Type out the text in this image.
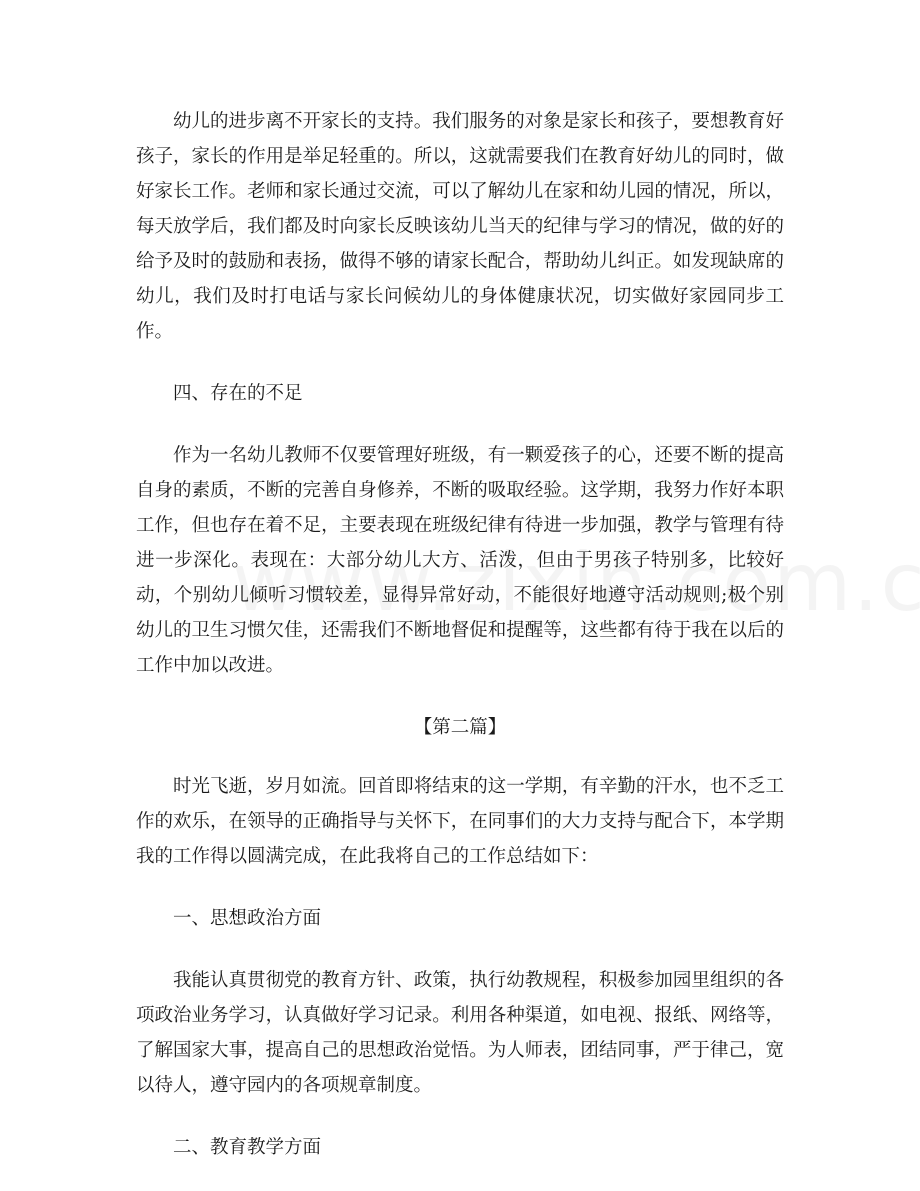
幼儿的进步离不开家长的支持。我们服务的对象是家长和孩子，要想教育好孩子，家长的作用是举足轻重的。所以，这就需要我们在教育好幼儿的同时，做好家长工作。老师和家长通过交流，可以了解幼儿在家和幼儿园的情况，所以，每天放学后，我们都及时向家长反映该幼儿当天的纪律与学习的情况，做的好的给予及时的鼓励和表扬，做得不够的请家长配合，帮助幼儿纠正。如发现缺席的幼儿，我们及时打电话与家长问候幼儿的身体健康状况，切实做好家园同步工作。

四、存在的不足

作为一名幼儿教师不仅要管理好班级，有一颗爱孩子的心，还要不断的提高自身的素质，不断的完善自身修养，不断的吸取经验。这学期，我努力作好本职工作，但也存在着不足，主要表现在班级纪律有待进一步加强，教学与管理有待进一步深化。表现在：大部分幼儿大方、活泼，但由于男孩子特别多，比较好动，个别幼儿倾听习惯较差，显得异常好动，不能很好地遵守活动规则;极个别幼儿的卫生习惯欠佳，还需我们不断地督促和提醒等，这些都有待于我在以后的工作中加以改进。

【第二篇】

时光飞逝，岁月如流。回首即将结束的这一学期，有辛勤的汗水，也不乏工作的欢乐，在领导的正确指导与关怀下，在同事们的大力支持与配合下，本学期我的工作得以圆满完成，在此我将自己的工作总结如下：

一、思想政治方面

我能认真贯彻党的教育方针、政策，执行幼教规程，积极参加园里组织的各项政治业务学习，认真做好学习记录。利用各种渠道，如电视、报纸、网络等，了解国家大事，提高自己的思想政治觉悟。为人师表，团结同事，严于律己，宽以待人，遵守园内的各项规章制度。

二、教育教学方面
